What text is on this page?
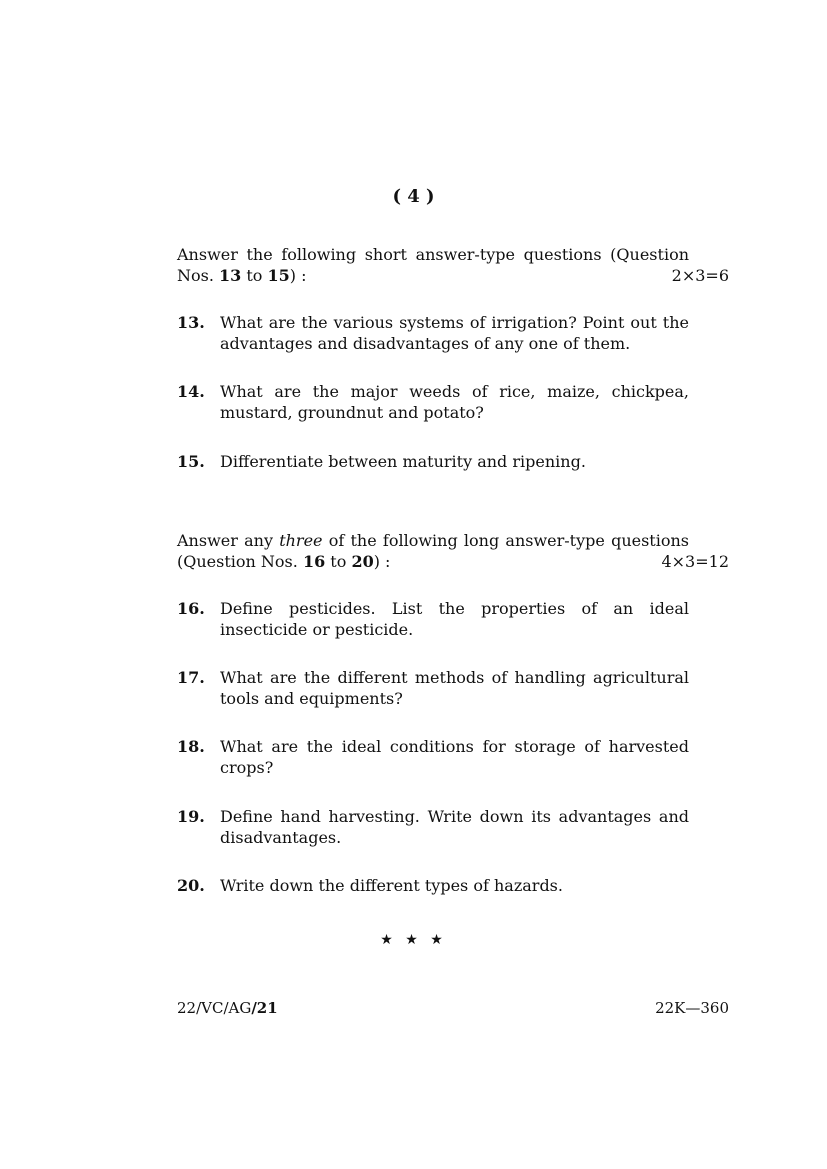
( 4 )
Answer the following short answer-type questions (Question
Nos. 13 to 15) :	2×3=6
13. What are the various systems of irrigation? Point out the advantages and disadvantages of any one of them.
14. What are the major weeds of rice, maize, chickpea, mustard, groundnut and potato?
15. Differentiate between maturity and ripening.
Answer any three of the following long answer-type questions
(Question Nos. 16 to 20) :	4×3=12
16. Define pesticides. List the properties of an ideal insecticide or pesticide.
17. What are the different methods of handling agricultural tools and equipments?
18. What are the ideal conditions for storage of harvested crops?
19. Define hand harvesting. Write down its advantages and disadvantages.
20. Write down the different types of hazards.
★ ★ ★
22/VC/AG/21	22K—360
